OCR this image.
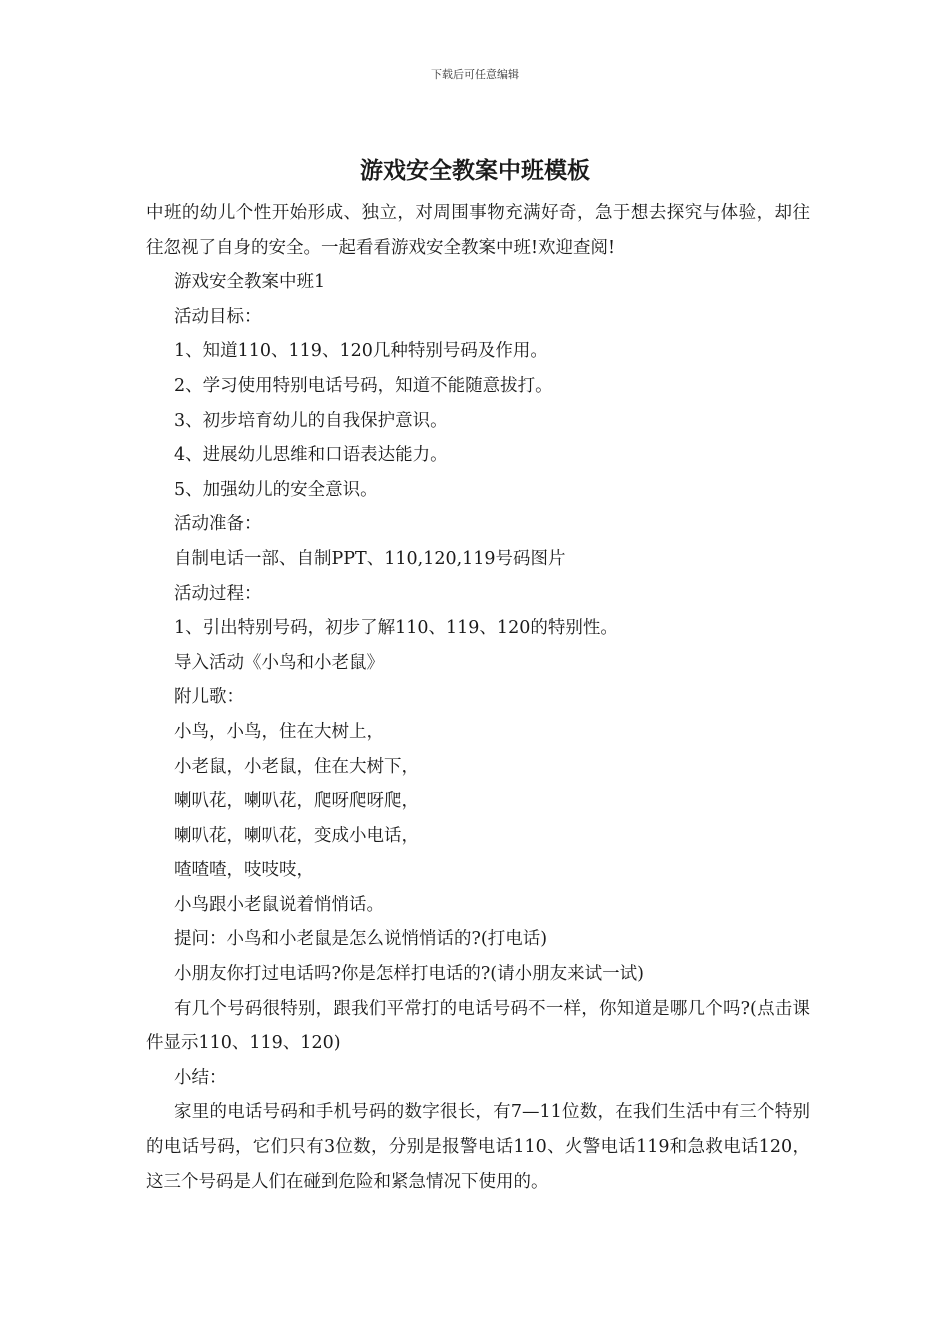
下载后可任意编辑
游戏安全教案中班模板

中班的幼儿个性开始形成、独立，对周围事物充满好奇，急于想去探究与体验，却往往忽视了自身的安全。一起看看游戏安全教案中班!欢迎查阅!

游戏安全教案中班1

活动目标：

1、知道110、119、120几种特别号码及作用。

2、学习使用特别电话号码，知道不能随意拔打。

3、初步培育幼儿的自我保护意识。

4、进展幼儿思维和口语表达能力。

5、加强幼儿的安全意识。

活动准备：

自制电话一部、自制PPT、110,120,119号码图片

活动过程：

1、引出特别号码，初步了解110、119、120的特别性。

导入活动《小鸟和小老鼠》

附儿歌：

小鸟，小鸟，住在大树上，

小老鼠，小老鼠，住在大树下，

喇叭花，喇叭花，爬呀爬呀爬，

喇叭花，喇叭花，变成小电话，

喳喳喳，吱吱吱，

小鸟跟小老鼠说着悄悄话。

提问：小鸟和小老鼠是怎么说悄悄话的?(打电话)

小朋友你打过电话吗?你是怎样打电话的?(请小朋友来试一试)

有几个号码很特别，跟我们平常打的电话号码不一样，你知道是哪几个吗?(点击课件显示110、119、120)

小结：

家里的电话号码和手机号码的数字很长，有7—11位数，在我们生活中有三个特别的电话号码，它们只有3位数，分别是报警电话110、火警电话119和急救电话120，这三个号码是人们在碰到危险和紧急情况下使用的。
